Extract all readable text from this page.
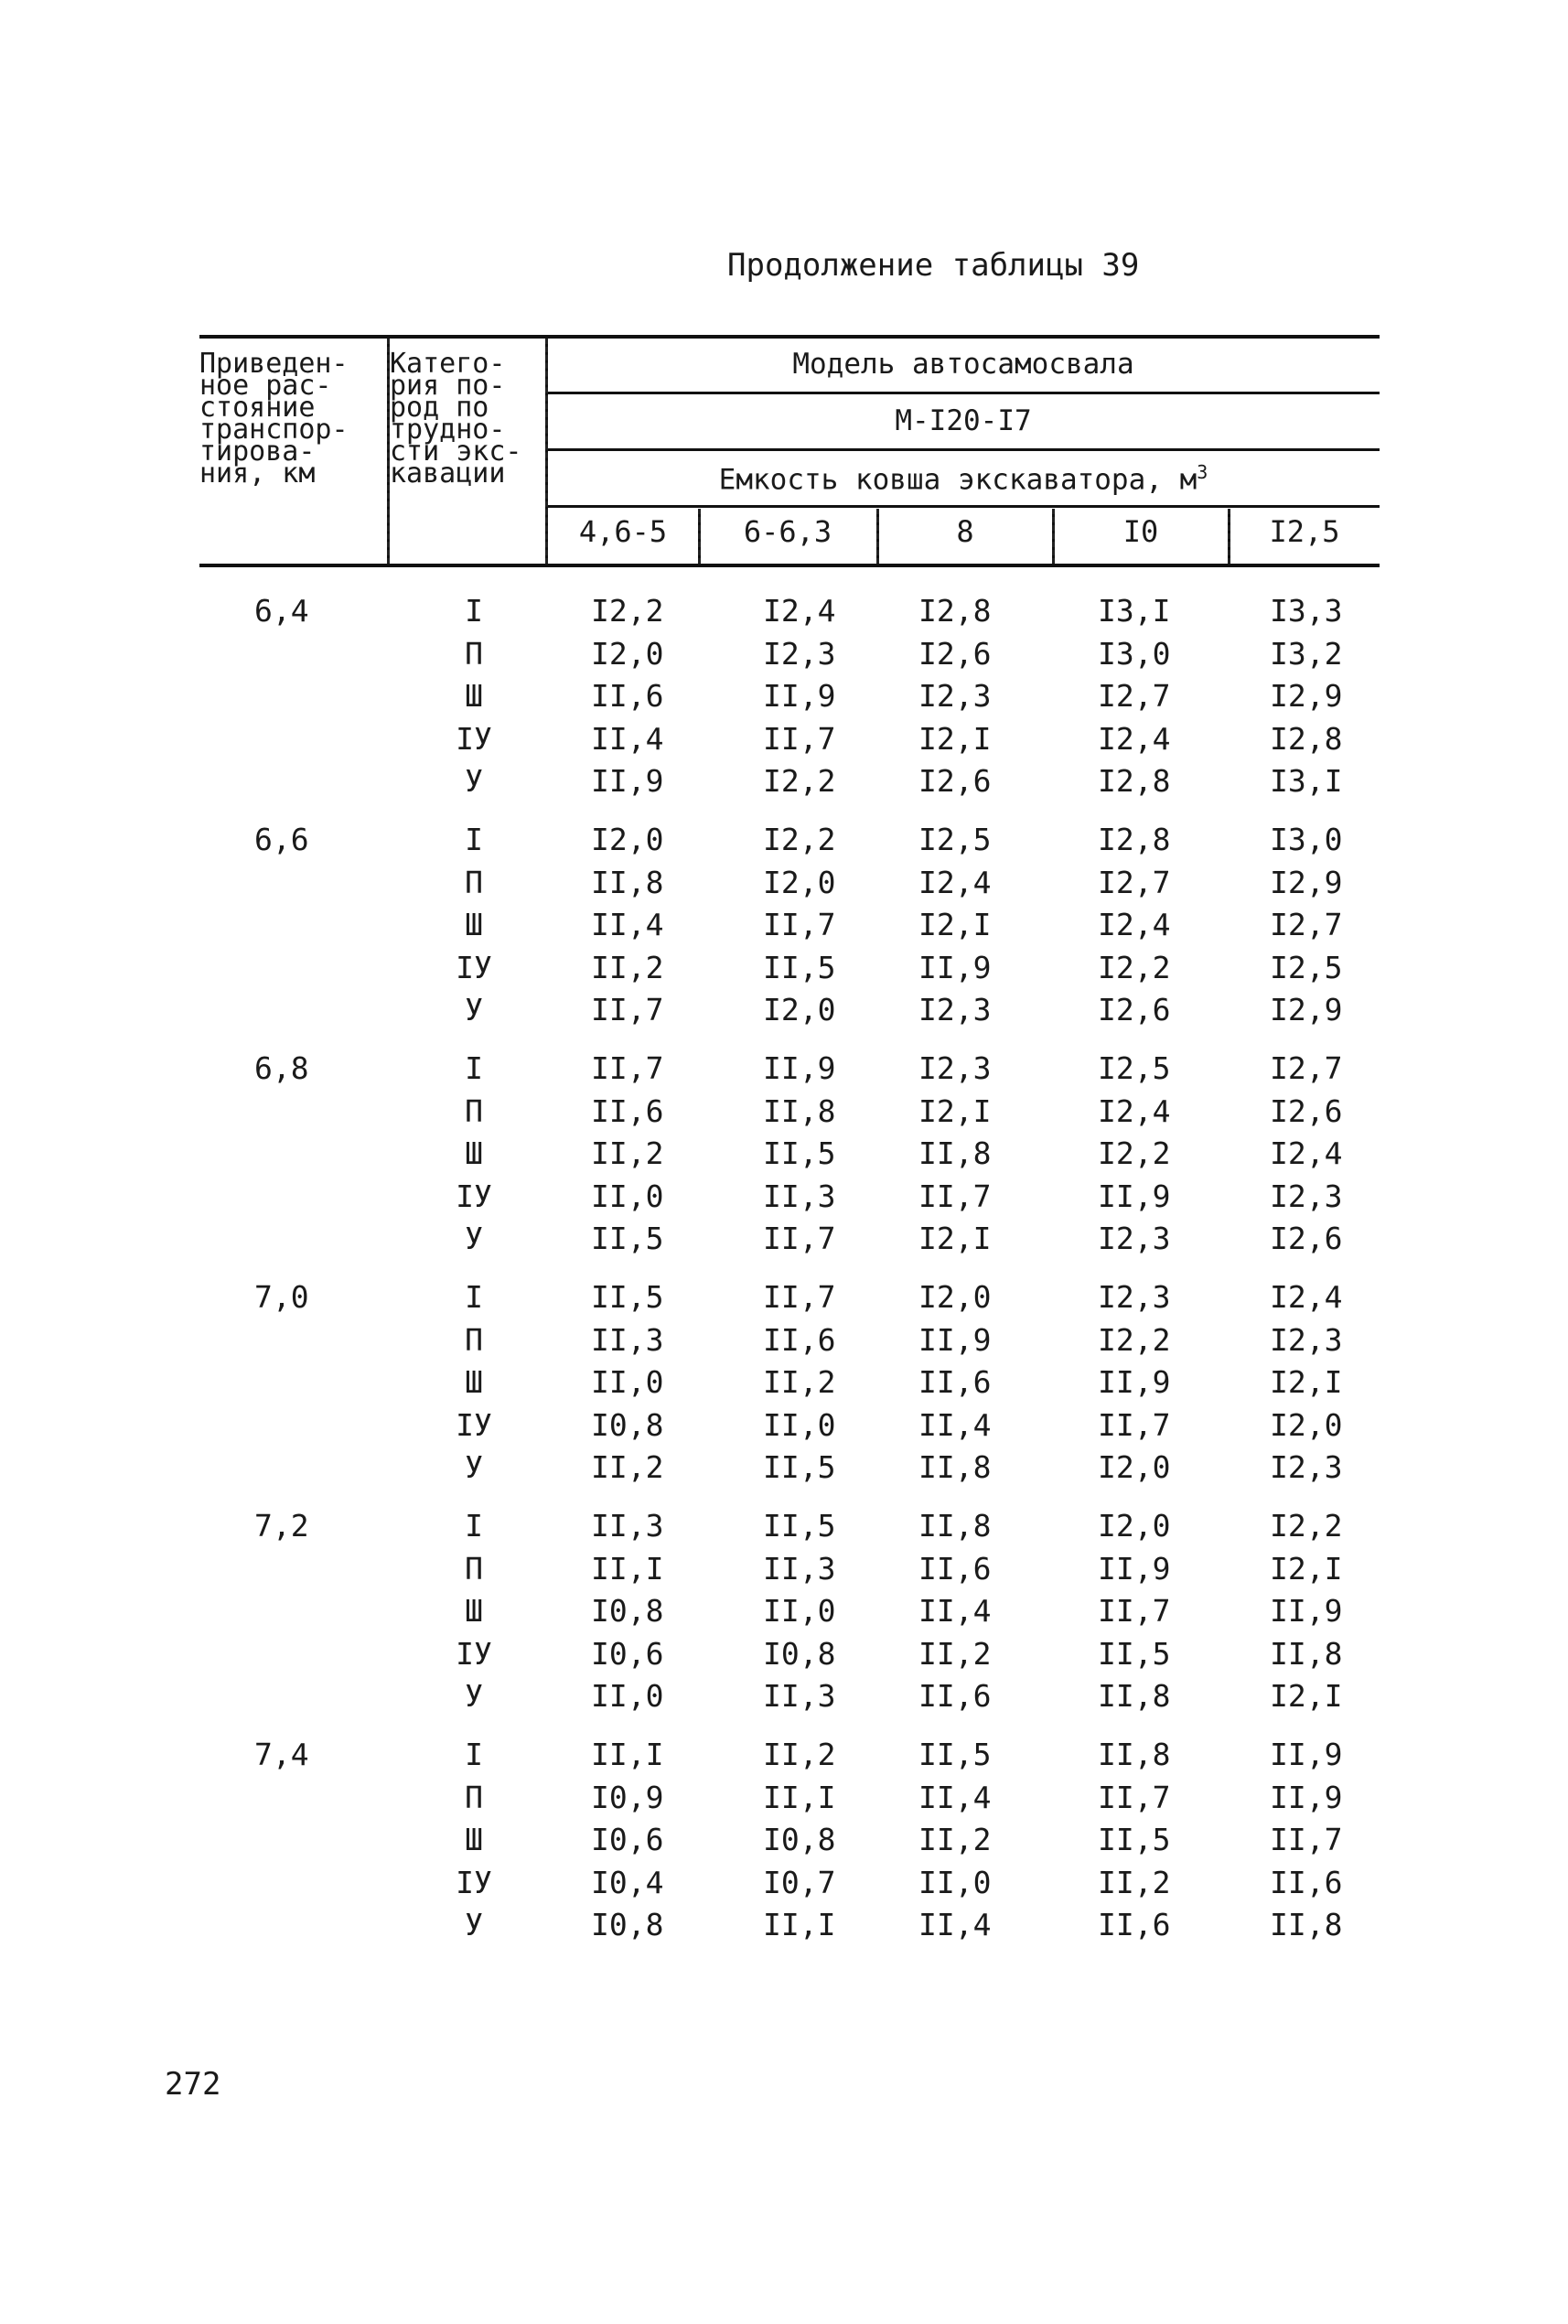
Продолжение таблицы 39
Приведен-
ное рас-
стояние
транспор-
тирова-
ния, км
Катего-
рия по-
род по
трудно-
сти экс-
кавации
Модель автосамосвала
М-I20-I7
Емкость ковша экскаватора, $м^3$
4,6-5	6-6,3	8	I0	I2,5
6,4	I	I2,2	I2,4	I2,8	I3,I	I3,3
П	I2,0	I2,3	I2,6	I3,0	I3,2
Ш	II,6	II,9	I2,3	I2,7	I2,9
IУ	II,4	II,7	I2,I	I2,4	I2,8
У	II,9	I2,2	I2,6	I2,8	I3,I
6,6	I	I2,0	I2,2	I2,5	I2,8	I3,0
П	II,8	I2,0	I2,4	I2,7	I2,9
Ш	II,4	II,7	I2,I	I2,4	I2,7
IУ	II,2	II,5	II,9	I2,2	I2,5
У	II,7	I2,0	I2,3	I2,6	I2,9
6,8	I	II,7	II,9	I2,3	I2,5	I2,7
П	II,6	II,8	I2,I	I2,4	I2,6
Ш	II,2	II,5	II,8	I2,2	I2,4
IУ	II,0	II,3	II,7	II,9	I2,3
У	II,5	II,7	I2,I	I2,3	I2,6
7,0	I	II,5	II,7	I2,0	I2,3	I2,4
П	II,3	II,6	II,9	I2,2	I2,3
Ш	II,0	II,2	II,6	II,9	I2,I
IУ	I0,8	II,0	II,4	II,7	I2,0
У	II,2	II,5	II,8	I2,0	I2,3
7,2	I	II,3	II,5	II,8	I2,0	I2,2
П	II,I	II,3	II,6	II,9	I2,I
Ш	I0,8	II,0	II,4	II,7	II,9
IУ	I0,6	I0,8	II,2	II,5	II,8
У	II,0	II,3	II,6	II,8	I2,I
7,4	I	II,I	II,2	II,5	II,8	II,9
П	I0,9	II,I	II,4	II,7	II,9
Ш	I0,6	I0,8	II,2	II,5	II,7
IУ	I0,4	I0,7	II,0	II,2	II,6
У	I0,8	II,I	II,4	II,6	II,8
272
